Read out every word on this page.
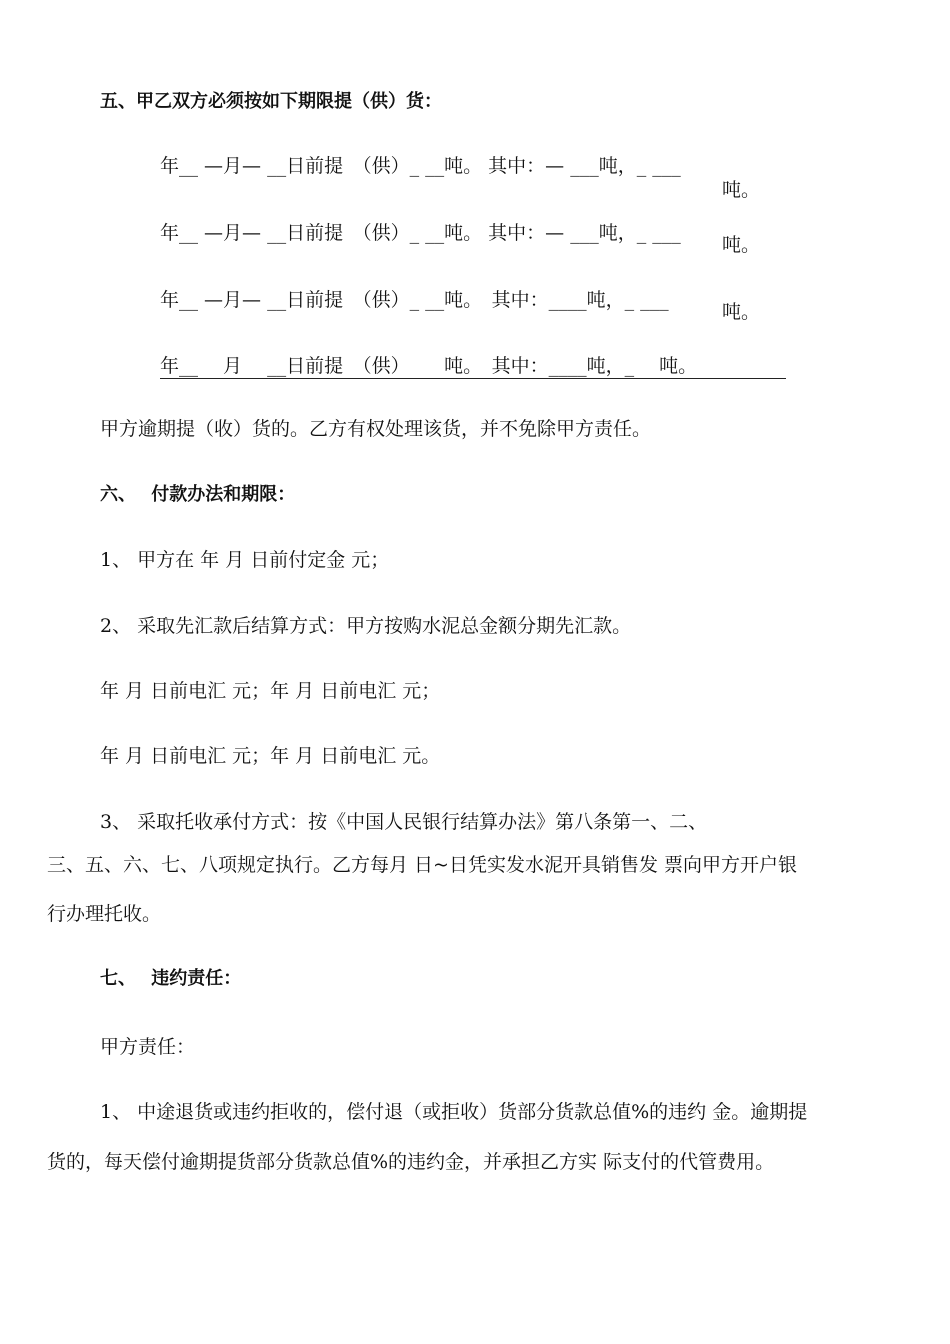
五、甲乙双方必须按如下期限提（供）货：
年__ —月— __日前提　（供）_ __吨。 其中：— ___吨，_ ___
吨。
年__ —月— __日前提　（供）_ __吨。 其中：— ___吨，_ ___
吨。
年__ —月— __日前提　（供）_ __吨。　其中：____吨，_ ___
吨。
年__　 月　 __日前提　（供）　　 吨。　其中：____吨，_　 吨。
甲方逾期提（收）货的。乙方有权处理该货，并不免除甲方责任。
六、　 付款办法和期限：
1、 甲方在 年 月 日前付定金 元；
2、 采取先汇款后结算方式：甲方按购水泥总金额分期先汇款。
年 月 日前电汇 元；年 月 日前电汇 元；
年 月 日前电汇 元；年 月 日前电汇 元。
3、 采取托收承付方式：按《中国人民银行结算办法》第八条第一、二、
三、五、六、七、八项规定执行。乙方每月 日~日凭实发水泥开具销售发 票向甲方开户银
行办理托收。
七、　 违约责任：
甲方责任：
1、 中途退货或违约拒收的，偿付退（或拒收）货部分货款总值%的违约 金。逾期提
货的，每天偿付逾期提货部分货款总值%的违约金，并承担乙方实 际支付的代管费用。
